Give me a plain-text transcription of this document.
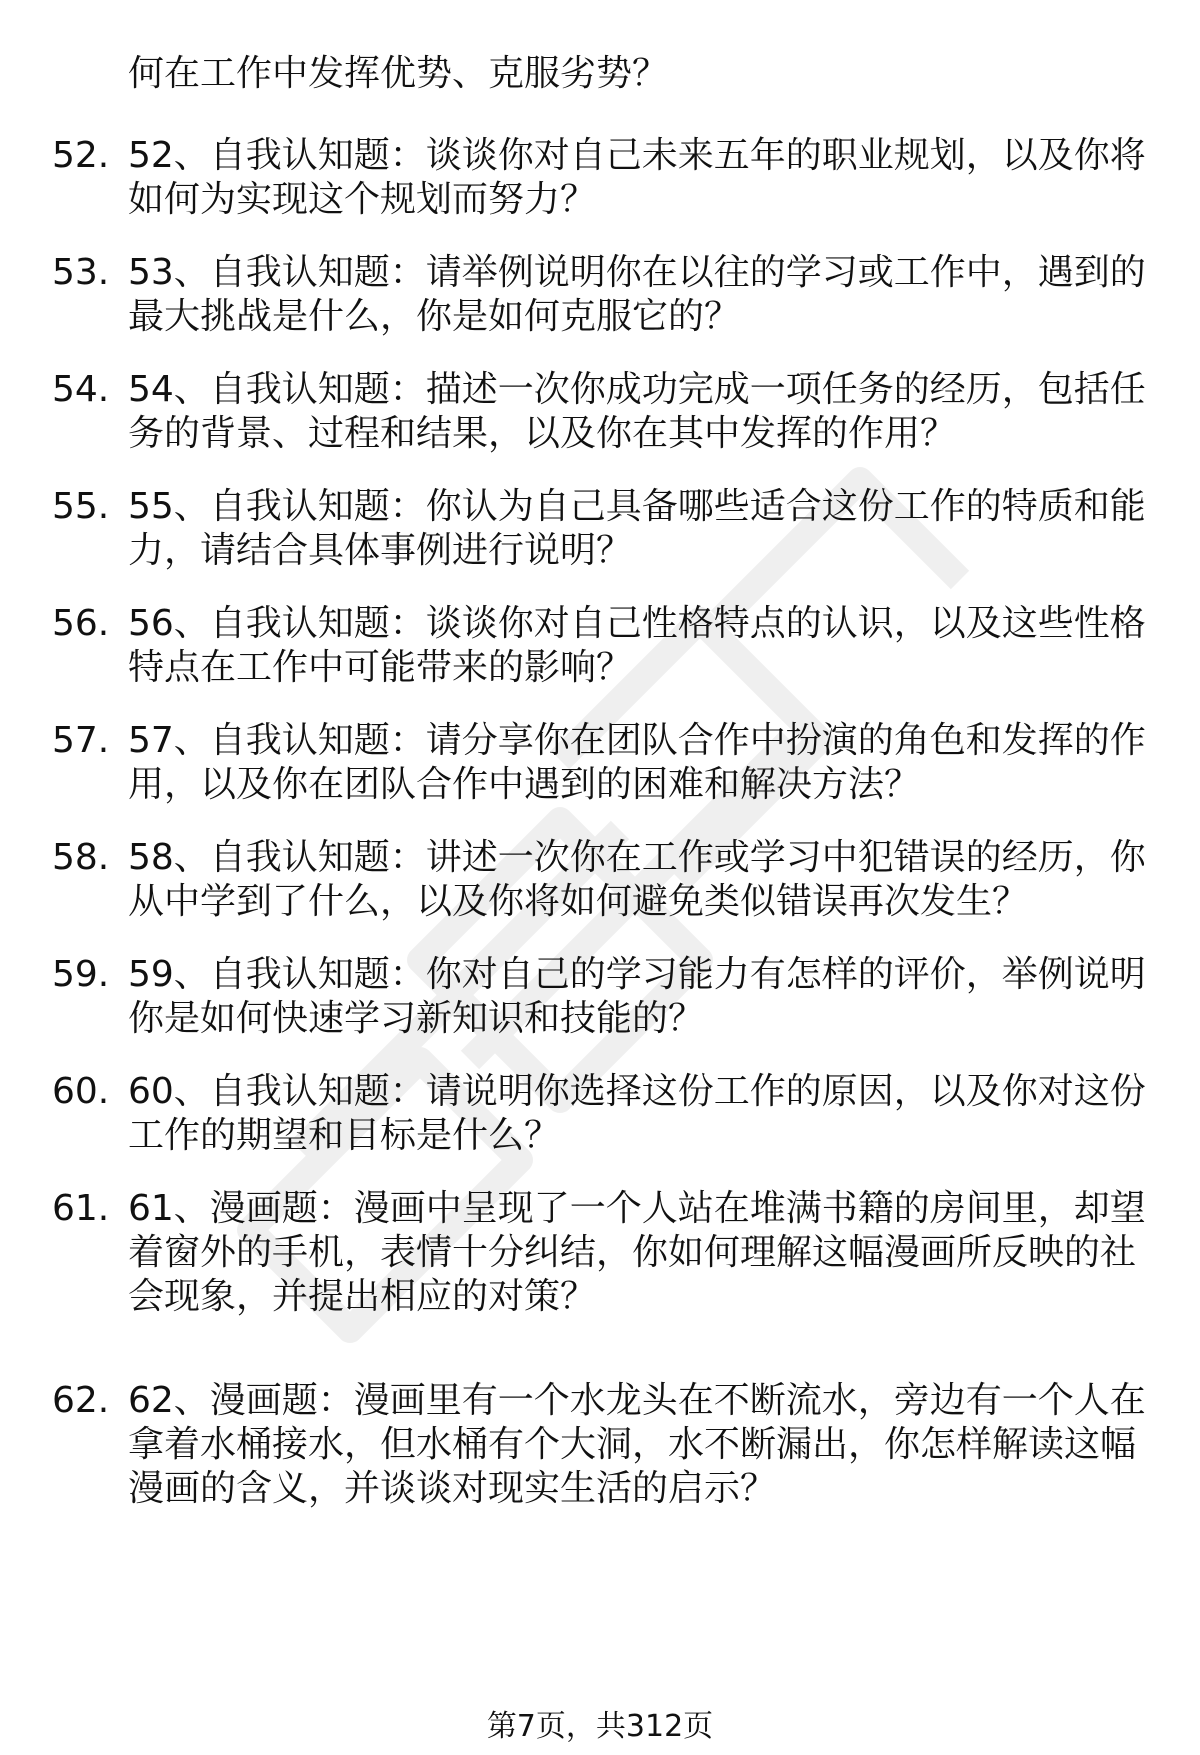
何在工作中发挥优势、克服劣势？
52. 52、自我认知题：谈谈你对自己未来五年的职业规划，以及你将
如何为实现这个规划而努力？
53. 53、自我认知题：请举例说明你在以往的学习或工作中，遇到的
最大挑战是什么，你是如何克服它的？
54. 54、自我认知题：描述一次你成功完成一项任务的经历，包括任
务的背景、过程和结果，以及你在其中发挥的作用？
55. 55、自我认知题：你认为自己具备哪些适合这份工作的特质和能
力，请结合具体事例进行说明？
56. 56、自我认知题：谈谈你对自己性格特点的认识，以及这些性格
特点在工作中可能带来的影响？
57. 57、自我认知题：请分享你在团队合作中扮演的角色和发挥的作
用，以及你在团队合作中遇到的困难和解决方法？
58. 58、自我认知题：讲述一次你在工作或学习中犯错误的经历，你
从中学到了什么，以及你将如何避免类似错误再次发生？
59. 59、自我认知题：你对自己的学习能力有怎样的评价，举例说明
你是如何快速学习新知识和技能的？
60. 60、自我认知题：请说明你选择这份工作的原因，以及你对这份
工作的期望和目标是什么？
61. 61、漫画题：漫画中呈现了一个人站在堆满书籍的房间里，却望
着窗外的手机，表情十分纠结，你如何理解这幅漫画所反映的社
会现象，并提出相应的对策？
62. 62、漫画题：漫画里有一个水龙头在不断流水，旁边有一个人在
拿着水桶接水，但水桶有个大洞，水不断漏出，你怎样解读这幅
漫画的含义，并谈谈对现实生活的启示？
第7页，共312页
